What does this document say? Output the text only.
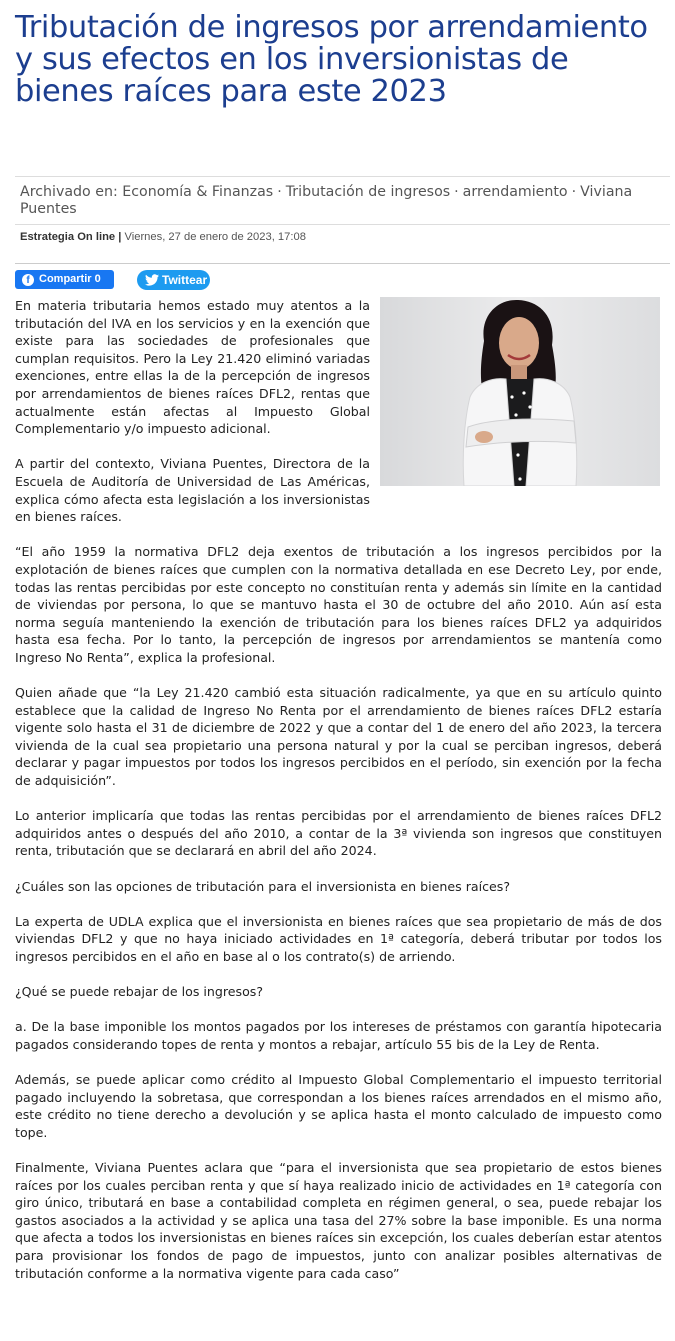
Tributación de ingresos por arrendamiento y sus efectos en los inversionistas de bienes raíces para este 2023
Archivado en: Economía & Finanzas · Tributación de ingresos · arrendamiento · Viviana Puentes
Estrategia On line | Viernes, 27 de enero de 2023, 17:08
f Compartir 0	Twittear

En materia tributaria hemos estado muy atentos a la tributación del IVA en los servicios y en la exención que existe para las sociedades de profesionales que cumplan requisitos. Pero la Ley 21.420 eliminó variadas exenciones, entre ellas la de la percepción de ingresos por arrendamientos de bienes raíces DFL2, rentas que actualmente están afectas al Impuesto Global Complementario y/o impuesto adicional.

A partir del contexto, Viviana Puentes, Directora de la Escuela de Auditoría de Universidad de Las Américas, explica cómo afecta esta legislación a los inversionistas en bienes raíces.

“El año 1959 la normativa DFL2 deja exentos de tributación a los ingresos percibidos por la explotación de bienes raíces que cumplen con la normativa detallada en ese Decreto Ley, por ende, todas las rentas percibidas por este concepto no constituían renta y además sin límite en la cantidad de viviendas por persona, lo que se mantuvo hasta el 30 de octubre del año 2010. Aún así esta norma seguía manteniendo la exención de tributación para los bienes raíces DFL2 ya adquiridos hasta esa fecha. Por lo tanto, la percepción de ingresos por arrendamientos se mantenía como Ingreso No Renta”, explica la profesional.

Quien añade que “la Ley 21.420 cambió esta situación radicalmente, ya que en su artículo quinto establece que la calidad de Ingreso No Renta por el arrendamiento de bienes raíces DFL2 estaría vigente solo hasta el 31 de diciembre de 2022 y que a contar del 1 de enero del año 2023, la tercera vivienda de la cual sea propietario una persona natural y por la cual se perciban ingresos, deberá declarar y pagar impuestos por todos los ingresos percibidos en el período, sin exención por la fecha de adquisición”.

Lo anterior implicaría que todas las rentas percibidas por el arrendamiento de bienes raíces DFL2 adquiridos antes o después del año 2010, a contar de la 3ª vivienda son ingresos que constituyen renta, tributación que se declarará en abril del año 2024.

¿Cuáles son las opciones de tributación para el inversionista en bienes raíces?

La experta de UDLA explica que el inversionista en bienes raíces que sea propietario de más de dos viviendas DFL2 y que no haya iniciado actividades en 1ª categoría, deberá tributar por todos los ingresos percibidos en el año en base al o los contrato(s) de arriendo.

¿Qué se puede rebajar de los ingresos?

a. De la base imponible los montos pagados por los intereses de préstamos con garantía hipotecaria pagados considerando topes de renta y montos a rebajar, artículo 55 bis de la Ley de Renta.

Además, se puede aplicar como crédito al Impuesto Global Complementario el impuesto territorial pagado incluyendo la sobretasa, que correspondan a los bienes raíces arrendados en el mismo año, este crédito no tiene derecho a devolución y se aplica hasta el monto calculado de impuesto como tope.

Finalmente, Viviana Puentes aclara que “para el inversionista que sea propietario de estos bienes raíces por los cuales perciban renta y que sí haya realizado inicio de actividades en 1ª categoría con giro único, tributará en base a contabilidad completa en régimen general, o sea, puede rebajar los gastos asociados a la actividad y se aplica una tasa del 27% sobre la base imponible. Es una norma que afecta a todos los inversionistas en bienes raíces sin excepción, los cuales deberían estar atentos para provisionar los fondos de pago de impuestos, junto con analizar posibles alternativas de tributación conforme a la normativa vigente para cada caso”
